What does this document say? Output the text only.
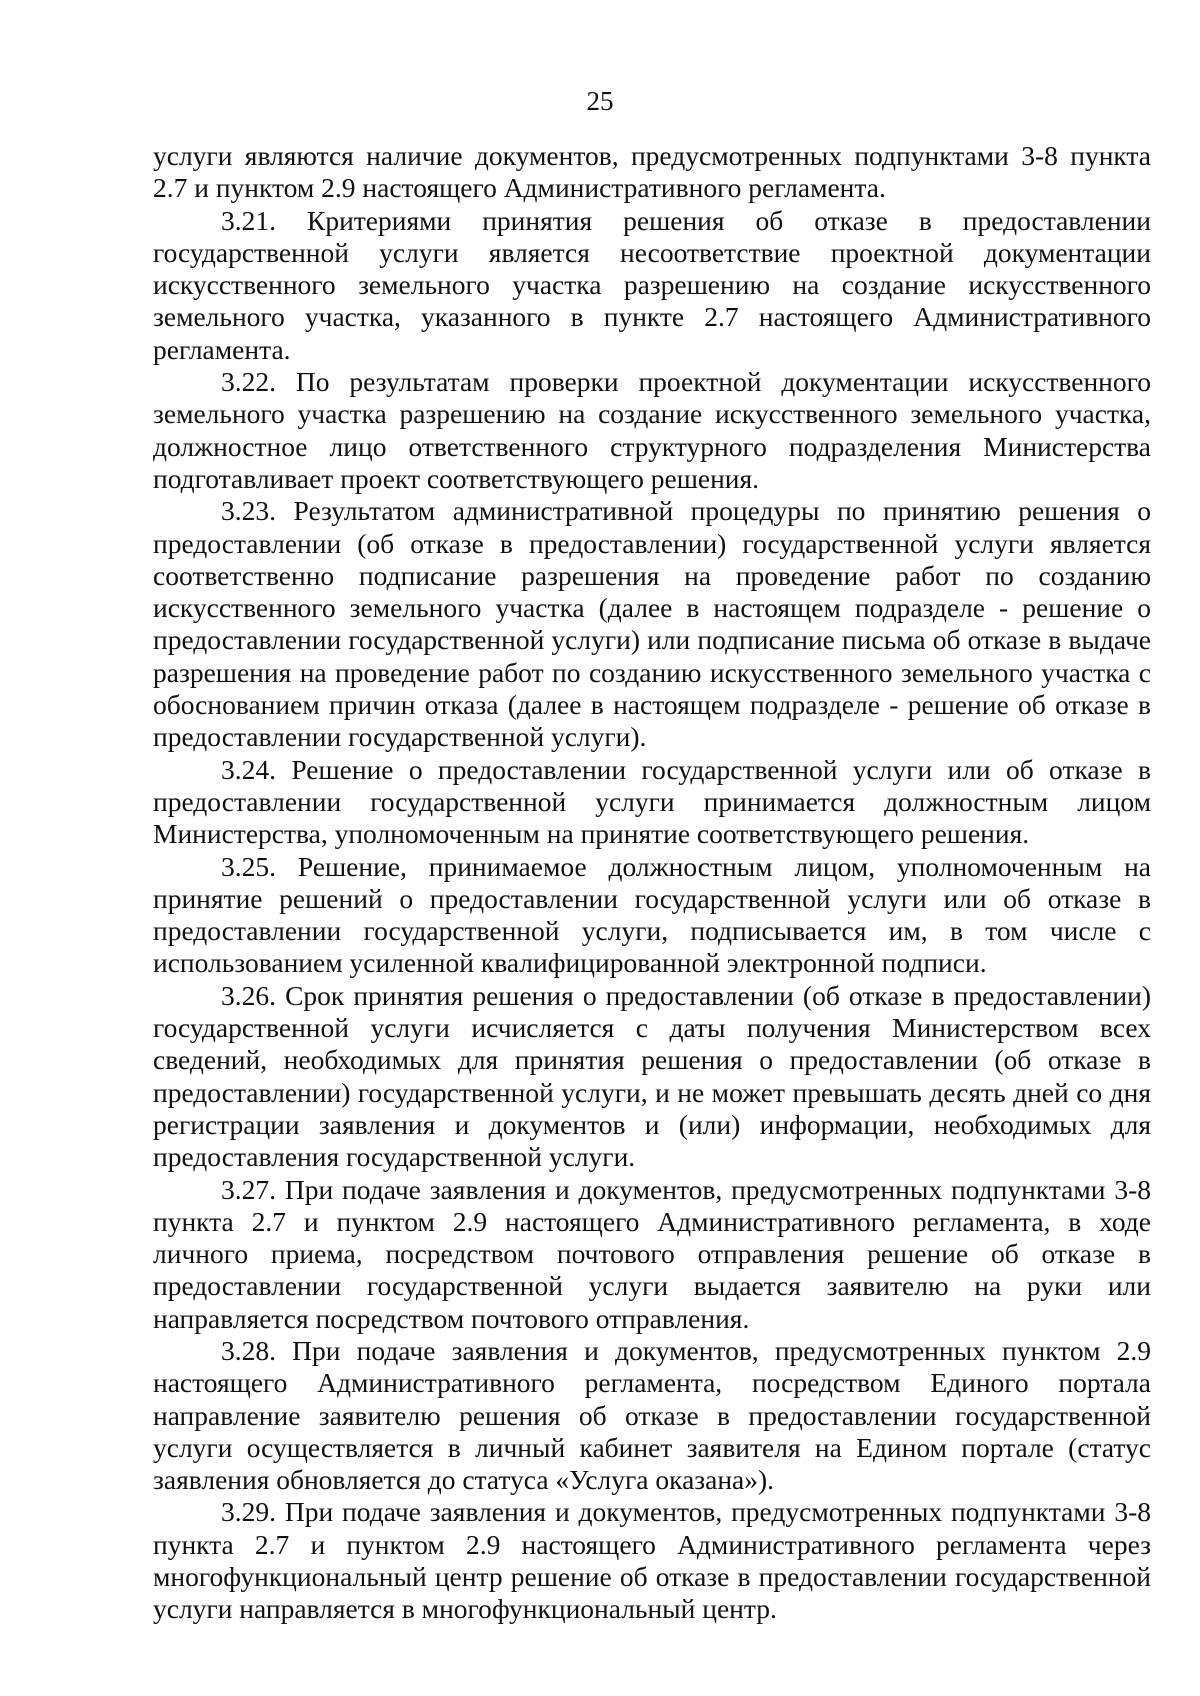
25

услуги являются наличие документов, предусмотренных подпунктами 3-8 пункта 2.7 и пунктом 2.9 настоящего Административного регламента.

3.21. Критериями принятия решения об отказе в предоставлении государственной услуги является несоответствие проектной документации искусственного земельного участка разрешению на создание искусственного земельного участка, указанного в пункте 2.7 настоящего Административного регламента.

3.22. По результатам проверки проектной документации искусственного земельного участка разрешению на создание искусственного земельного участка, должностное лицо ответственного структурного подразделения Министерства подготавливает проект соответствующего решения.

3.23. Результатом административной процедуры по принятию решения о предоставлении (об отказе в предоставлении) государственной услуги является соответственно подписание разрешения на проведение работ по созданию искусственного земельного участка (далее в настоящем подразделе - решение о предоставлении государственной услуги) или подписание письма об отказе в выдаче разрешения на проведение работ по созданию искусственного земельного участка с обоснованием причин отказа (далее в настоящем подразделе - решение об отказе в предоставлении государственной услуги).

3.24. Решение о предоставлении государственной услуги или об отказе в предоставлении государственной услуги принимается должностным лицом Министерства, уполномоченным на принятие соответствующего решения.

3.25. Решение, принимаемое должностным лицом, уполномоченным на принятие решений о предоставлении государственной услуги или об отказе в предоставлении государственной услуги, подписывается им, в том числе с использованием усиленной квалифицированной электронной подписи.

3.26. Срок принятия решения о предоставлении (об отказе в предоставлении) государственной услуги исчисляется с даты получения Министерством всех сведений, необходимых для принятия решения о предоставлении (об отказе в предоставлении) государственной услуги, и не может превышать десять дней со дня регистрации заявления и документов и (или) информации, необходимых для предоставления государственной услуги.

3.27. При подаче заявления и документов, предусмотренных подпунктами 3-8 пункта 2.7 и пунктом 2.9 настоящего Административного регламента, в ходе личного приема, посредством почтового отправления решение об отказе в предоставлении государственной услуги выдается заявителю на руки или направляется посредством почтового отправления.

3.28. При подаче заявления и документов, предусмотренных пунктом 2.9 настоящего Административного регламента, посредством Единого портала направление заявителю решения об отказе в предоставлении государственной услуги осуществляется в личный кабинет заявителя на Едином портале (статус заявления обновляется до статуса «Услуга оказана»).

3.29. При подаче заявления и документов, предусмотренных подпунктами 3-8 пункта 2.7 и пунктом 2.9 настоящего Административного регламента через многофункциональный центр решение об отказе в предоставлении государственной услуги направляется в многофункциональный центр.
